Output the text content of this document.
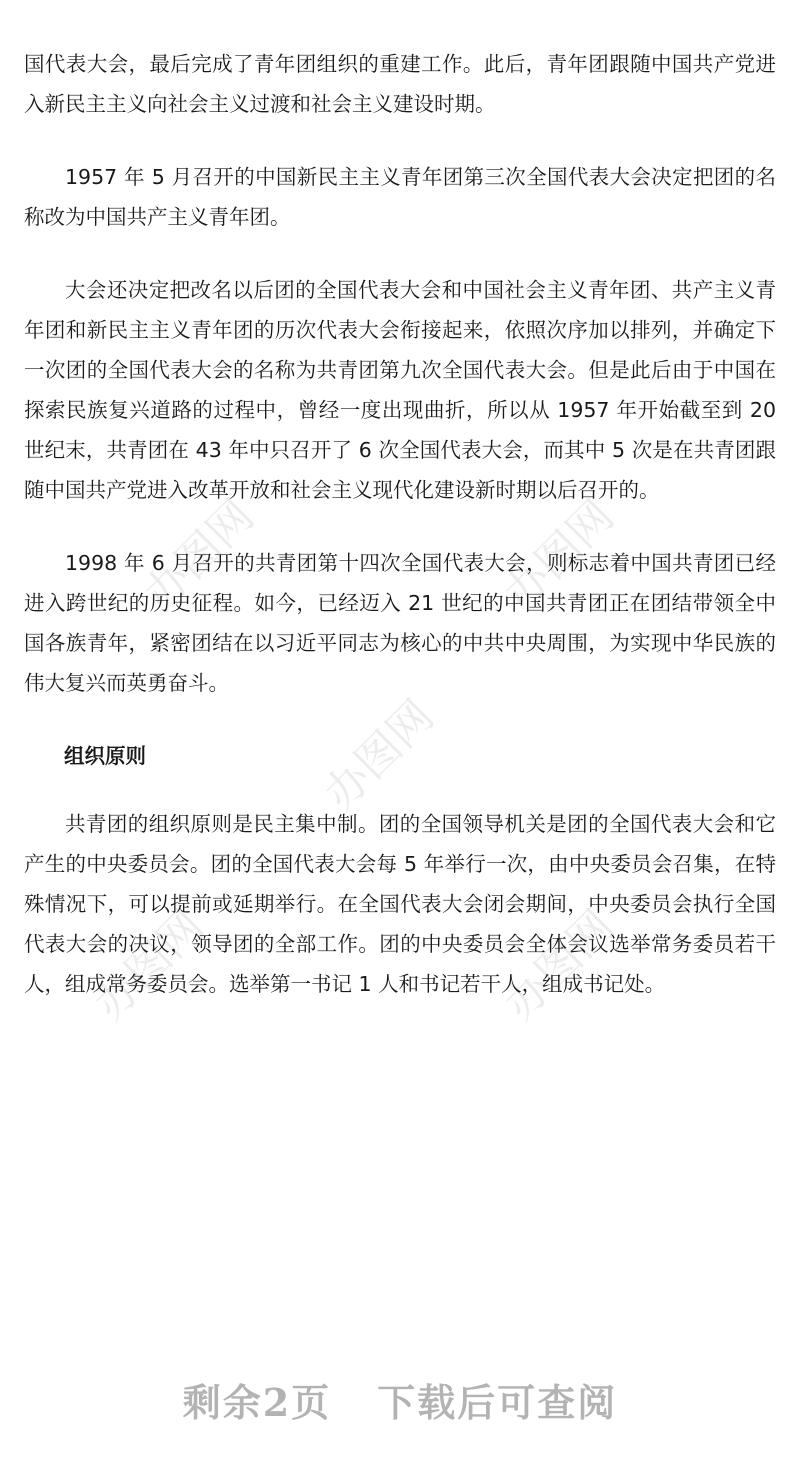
办图网	办图网
办图网
办图网	办图网

国代表大会，最后完成了青年团组织的重建工作。此后，青年团跟随中国共产党进入新民主主义向社会主义过渡和社会主义建设时期。

1957 年 5 月召开的中国新民主主义青年团第三次全国代表大会决定把团的名称改为中国共产主义青年团。

大会还决定把改名以后团的全国代表大会和中国社会主义青年团、共产主义青年团和新民主主义青年团的历次代表大会衔接起来，依照次序加以排列，并确定下一次团的全国代表大会的名称为共青团第九次全国代表大会。但是此后由于中国在探索民族复兴道路的过程中，曾经一度出现曲折，所以从 1957 年开始截至到 20 世纪末，共青团在 43 年中只召开了 6 次全国代表大会，而其中 5 次是在共青团跟随中国共产党进入改革开放和社会主义现代化建设新时期以后召开的。

1998 年 6 月召开的共青团第十四次全国代表大会，则标志着中国共青团已经进入跨世纪的历史征程。如今，已经迈入 21 世纪的中国共青团正在团结带领全中国各族青年，紧密团结在以习近平同志为核心的中共中央周围，为实现中华民族的伟大复兴而英勇奋斗。

组织原则

共青团的组织原则是民主集中制。团的全国领导机关是团的全国代表大会和它产生的中央委员会。团的全国代表大会每 5 年举行一次，由中央委员会召集，在特殊情况下，可以提前或延期举行。在全国代表大会闭会期间，中央委员会执行全国代表大会的决议，领导团的全部工作。团的中央委员会全体会议选举常务委员若干人，组成常务委员会。选举第一书记 1 人和书记若干人，组成书记处。

剩余2页 下载后可查阅
